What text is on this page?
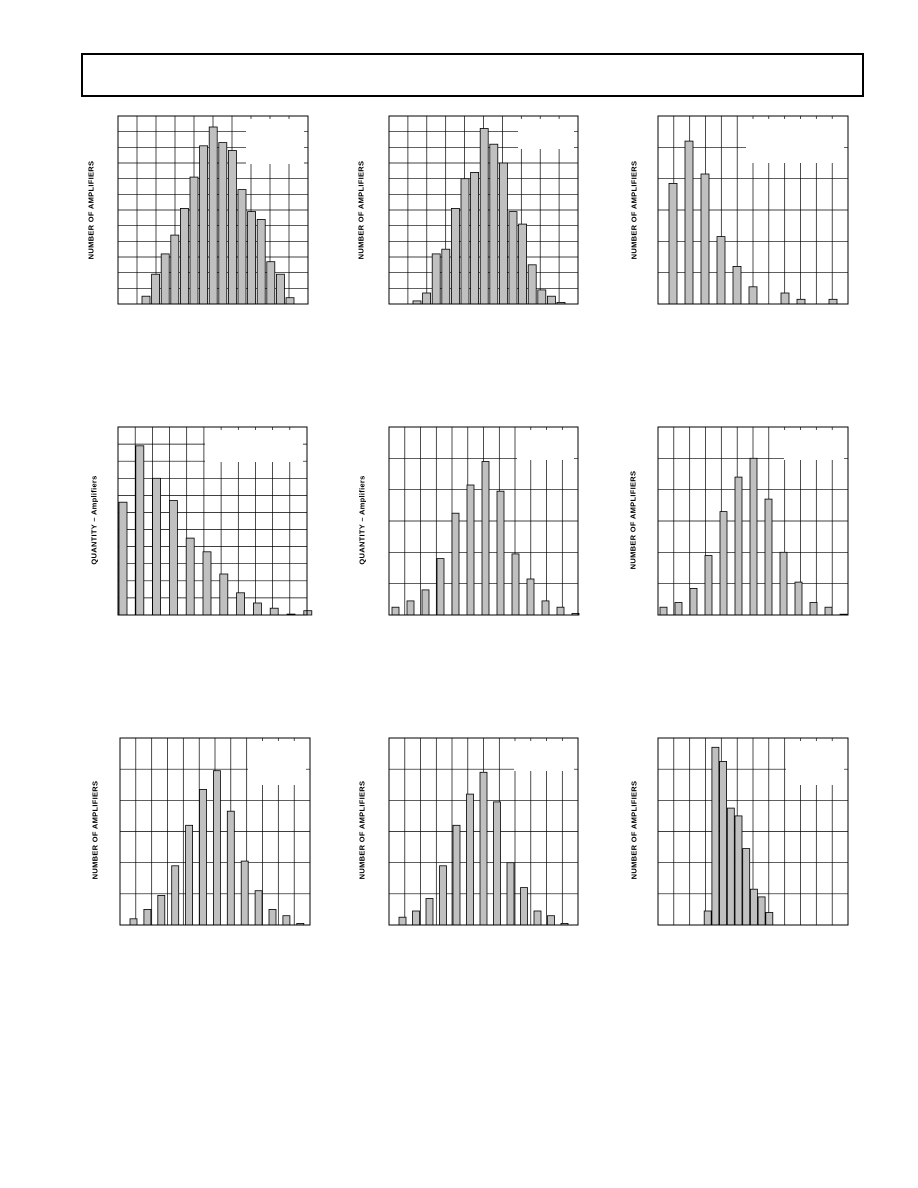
NUMBER OF AMPLIFIERS	NUMBER OF AMPLIFIERS	NUMBER OF AMPLIFIERS
QUANTITY – Amplifiers	QUANTITY – Amplifiers	NUMBER OF AMPLIFIERS
NUMBER OF AMPLIFIERS	NUMBER OF AMPLIFIERS	NUMBER OF AMPLIFIERS
